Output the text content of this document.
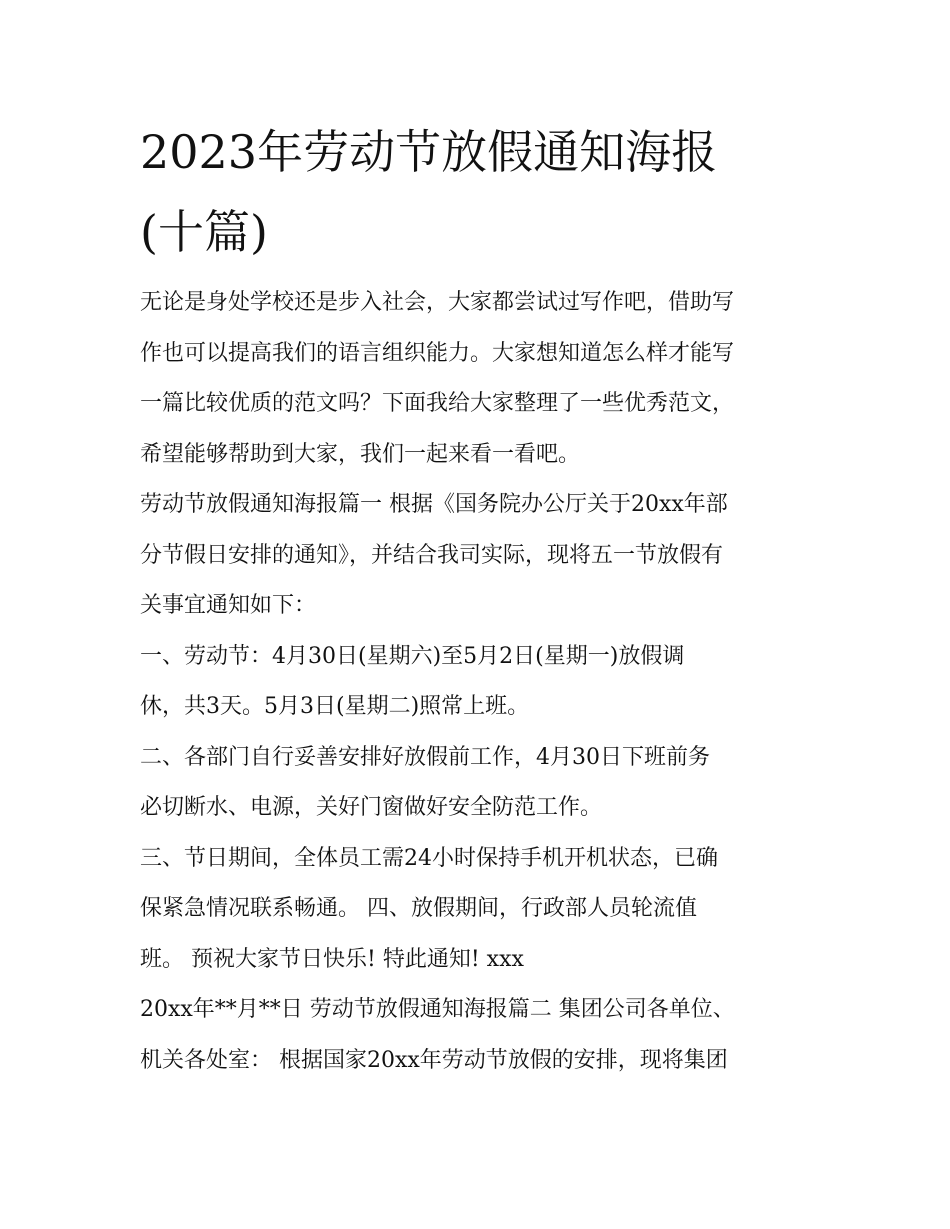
2023年劳动节放假通知海报
(十篇)
无论是身处学校还是步入社会，大家都尝试过写作吧，借助写
作也可以提高我们的语言组织能力。大家想知道怎么样才能写
一篇比较优质的范文吗？下面我给大家整理了一些优秀范文，
希望能够帮助到大家，我们一起来看一看吧。
劳动节放假通知海报篇一 根据《国务院办公厅关于20xx年部
分节假日安排的通知》，并结合我司实际，现将五一节放假有
关事宜通知如下：
一、劳动节：4月30日(星期六)至5月2日(星期一)放假调
休，共3天。5月3日(星期二)照常上班。
二、各部门自行妥善安排好放假前工作，4月30日下班前务
必切断水、电源，关好门窗做好安全防范工作。
三、节日期间，全体员工需24小时保持手机开机状态，已确
保紧急情况联系畅通。 四、放假期间，行政部人员轮流值
班。 预祝大家节日快乐! 特此通知! xxx
20xx年**月**日 劳动节放假通知海报篇二 集团公司各单位、
机关各处室： 根据国家20xx年劳动节放假的安排，现将集团
